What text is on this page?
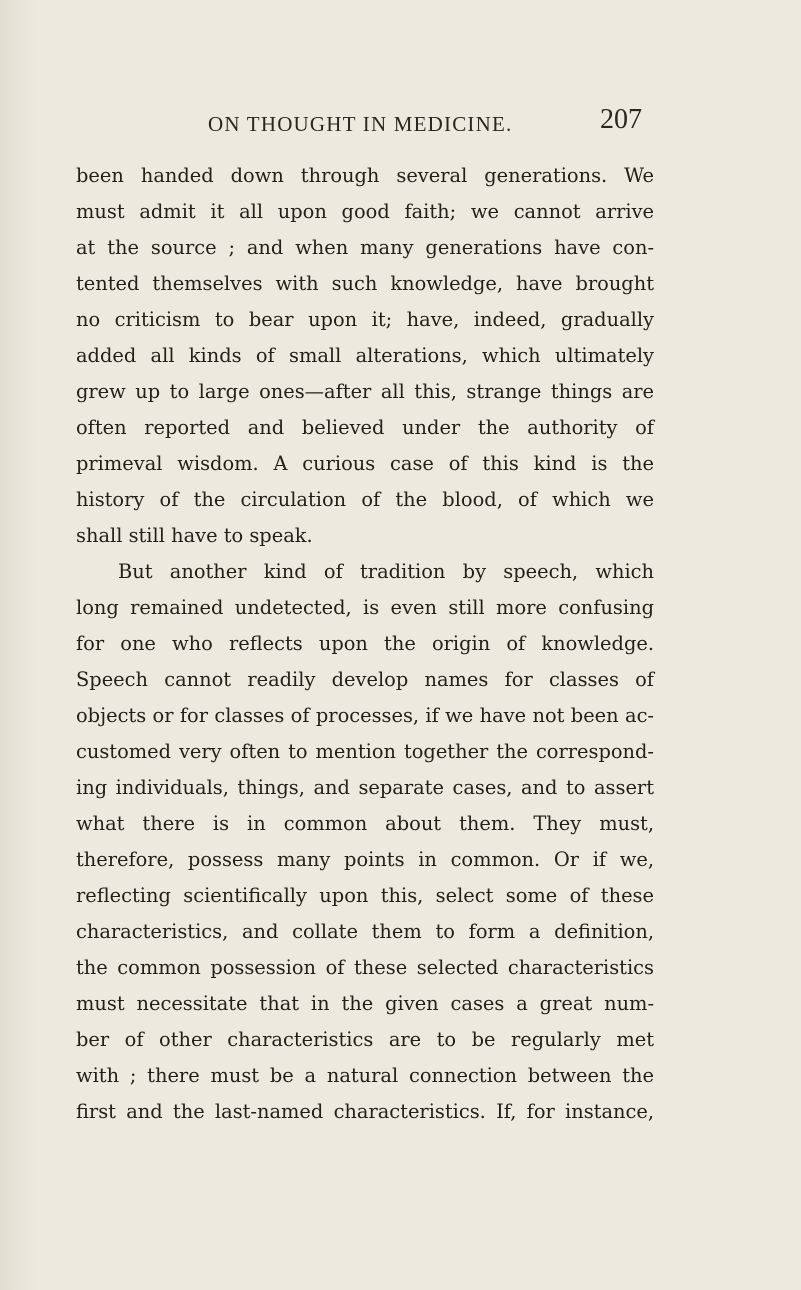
ON THOUGHT IN MEDICINE.	207
been handed down through several generations. We
must admit it all upon good faith; we cannot arrive
at the source ; and when many generations have con-
tented themselves with such knowledge, have brought
no criticism to bear upon it; have, indeed, gradually
added all kinds of small alterations, which ultimately
grew up to large ones—after all this, strange things are
often reported and believed under the authority of
primeval wisdom. A curious case of this kind is the
history of the circulation of the blood, of which we
shall still have to speak.
But another kind of tradition by speech, which
long remained undetected, is even still more confusing
for one who reflects upon the origin of knowledge.
Speech cannot readily develop names for classes of
objects or for classes of processes, if we have not been ac-
customed very often to mention together the correspond-
ing individuals, things, and separate cases, and to assert
what there is in common about them. They must,
therefore, possess many points in common. Or if we,
reflecting scientifically upon this, select some of these
characteristics, and collate them to form a definition,
the common possession of these selected characteristics
must necessitate that in the given cases a great num-
ber of other characteristics are to be regularly met
with ; there must be a natural connection between the
first and the last-named characteristics. If, for instance,
